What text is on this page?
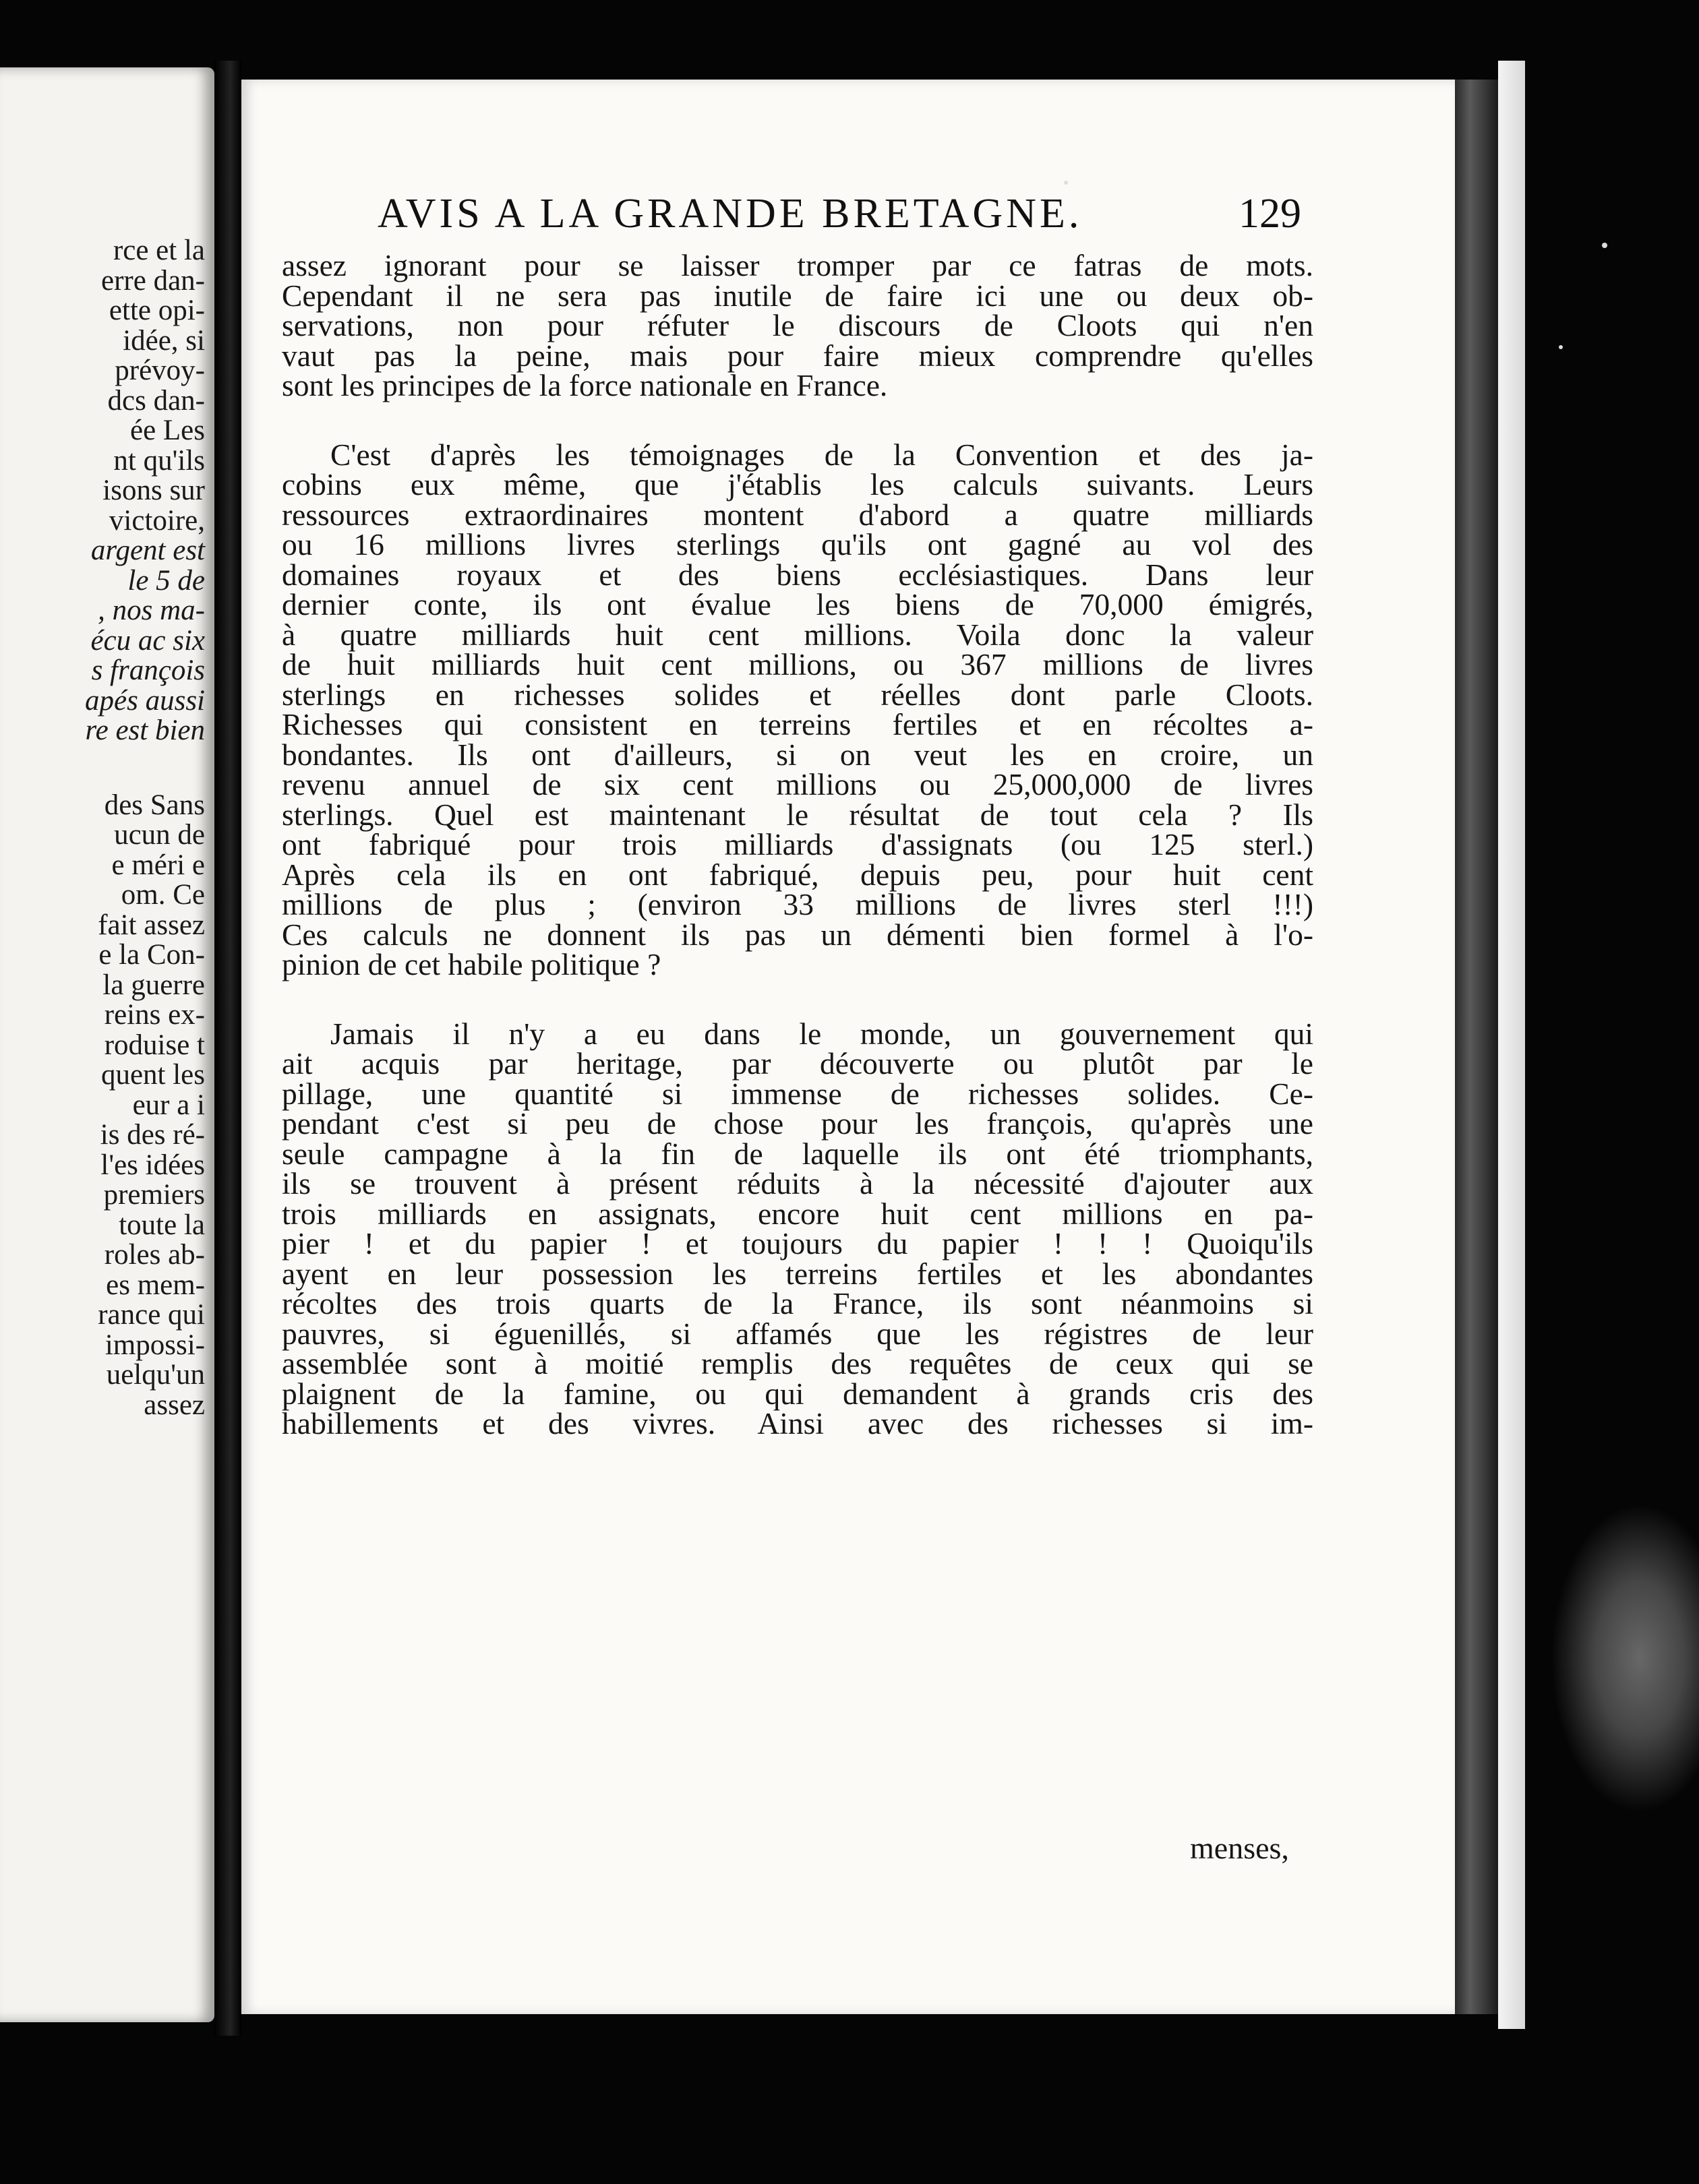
rce et la
erre dan-
ette opi-
idée, si
prévoy-
dcs dan-
ée Les
nt qu'ils
isons sur
victoire,
argent est
le 5 de
, nos ma-
écu ac six
s françois
apés aussi
re est bien
des Sans
ucun de
e méri e
om. Ce
fait assez
e la Con-
la guerre
reins ex-
roduise t
quent les
eur a i
is des ré-
l'es idées
premiers
toute la
roles ab-
es mem-
rance qui
impossi-
uelqu'un
assez
AVIS A LA GRANDE BRETAGNE.	129
assez ignorant pour se laisser tromper par ce fatras de mots.
Cependant il ne sera pas inutile de faire ici une ou deux ob-
servations, non pour réfuter le discours de Cloots qui n'en
vaut pas la peine, mais pour faire mieux comprendre qu'elles
sont les principes de la force nationale en France.
C'est d'après les témoignages de la Convention et des ja-
cobins eux même, que j'établis les calculs suivants. Leurs
ressources extraordinaires montent d'abord a quatre milliards
ou 16 millions livres sterlings qu'ils ont gagné au vol des
domaines royaux et des biens ecclésiastiques. Dans leur
dernier conte, ils ont évalue les biens de 70,000 émigrés,
à quatre milliards huit cent millions. Voila donc la valeur
de huit milliards huit cent millions, ou 367 millions de livres
sterlings en richesses solides et réelles dont parle Cloots.
Richesses qui consistent en terreins fertiles et en récoltes a-
bondantes. Ils ont d'ailleurs, si on veut les en croire, un
revenu annuel de six cent millions ou 25,000,000 de livres
sterlings. Quel est maintenant le résultat de tout cela ? Ils
ont fabriqué pour trois milliards d'assignats (ou 125 sterl.)
Après cela ils en ont fabriqué, depuis peu, pour huit cent
millions de plus ; (environ 33 millions de livres sterl !!!)
Ces calculs ne donnent ils pas un démenti bien formel à l'o-
pinion de cet habile politique ?
Jamais il n'y a eu dans le monde, un gouvernement qui
ait acquis par heritage, par découverte ou plutôt par le
pillage, une quantité si immense de richesses solides. Ce-
pendant c'est si peu de chose pour les françois, qu'après une
seule campagne à la fin de laquelle ils ont été triomphants,
ils se trouvent à présent réduits à la nécessité d'ajouter aux
trois milliards en assignats, encore huit cent millions en pa-
pier ! et du papier ! et toujours du papier ! ! ! Quoiqu'ils
ayent en leur possession les terreins fertiles et les abondantes
récoltes des trois quarts de la France, ils sont néanmoins si
pauvres, si éguenillés, si affamés que les régistres de leur
assemblée sont à moitié remplis des requêtes de ceux qui se
plaignent de la famine, ou qui demandent à grands cris des
habillements et des vivres. Ainsi avec des richesses si im-
menses,
